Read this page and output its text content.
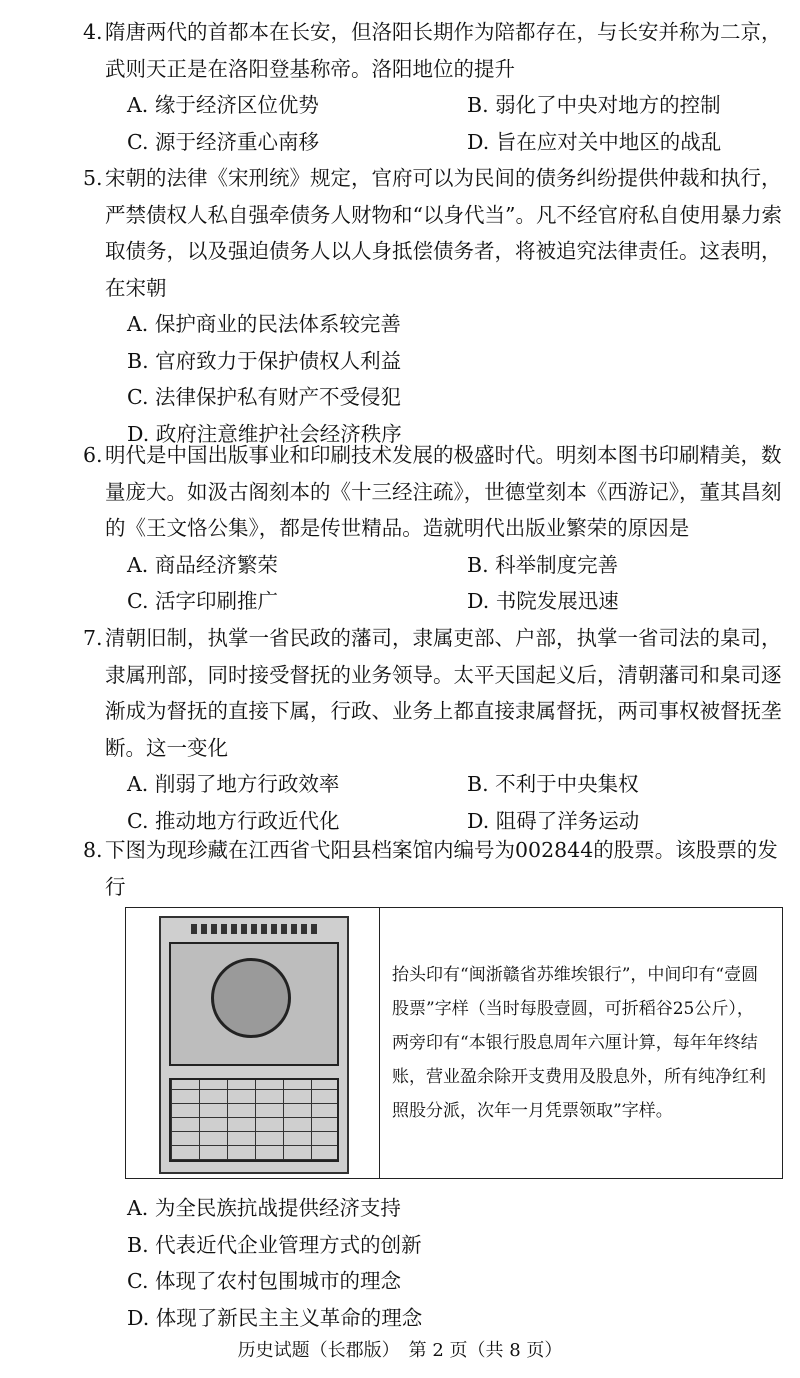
4. 隋唐两代的首都本在长安，但洛阳长期作为陪都存在，与长安并称为二京，武则天正是在洛阳登基称帝。洛阳地位的提升
A. 缘于经济区位优势	B. 弱化了中央对地方的控制
C. 源于经济重心南移	D. 旨在应对关中地区的战乱
5. 宋朝的法律《宋刑统》规定，官府可以为民间的债务纠纷提供仲裁和执行，严禁债权人私自强牵债务人财物和“以身代当”。凡不经官府私自使用暴力索取债务，以及强迫债务人以人身抵偿债务者，将被追究法律责任。这表明，在宋朝
A. 保护商业的民法体系较完善
B. 官府致力于保护债权人利益
C. 法律保护私有财产不受侵犯
D. 政府注意维护社会经济秩序
6. 明代是中国出版事业和印刷技术发展的极盛时代。明刻本图书印刷精美，数量庞大。如汲古阁刻本的《十三经注疏》，世德堂刻本《西游记》，董其昌刻的《王文恪公集》，都是传世精品。造就明代出版业繁荣的原因是
A. 商品经济繁荣	B. 科举制度完善
C. 活字印刷推广	D. 书院发展迅速
7. 清朝旧制，执掌一省民政的藩司，隶属吏部、户部，执掌一省司法的臬司，隶属刑部，同时接受督抚的业务领导。太平天国起义后，清朝藩司和臬司逐渐成为督抚的直接下属，行政、业务上都直接隶属督抚，两司事权被督抚垄断。这一变化
A. 削弱了地方行政效率	B. 不利于中央集权
C. 推动地方行政近代化	D. 阻碍了洋务运动
8. 下图为现珍藏在江西省弋阳县档案馆内编号为002844的股票。该股票的发行
抬头印有“闽浙赣省苏维埃银行”，中间印有“壹圆股票”字样（当时每股壹圆，可折稻谷25公斤），两旁印有“本银行股息周年六厘计算，每年年终结账，营业盈余除开支费用及股息外，所有纯净红利照股分派，次年一月凭票领取”字样。
A. 为全民族抗战提供经济支持
B. 代表近代企业管理方式的创新
C. 体现了农村包围城市的理念
D. 体现了新民主主义革命的理念
历史试题（长郡版）　第 2 页（共 8 页）
